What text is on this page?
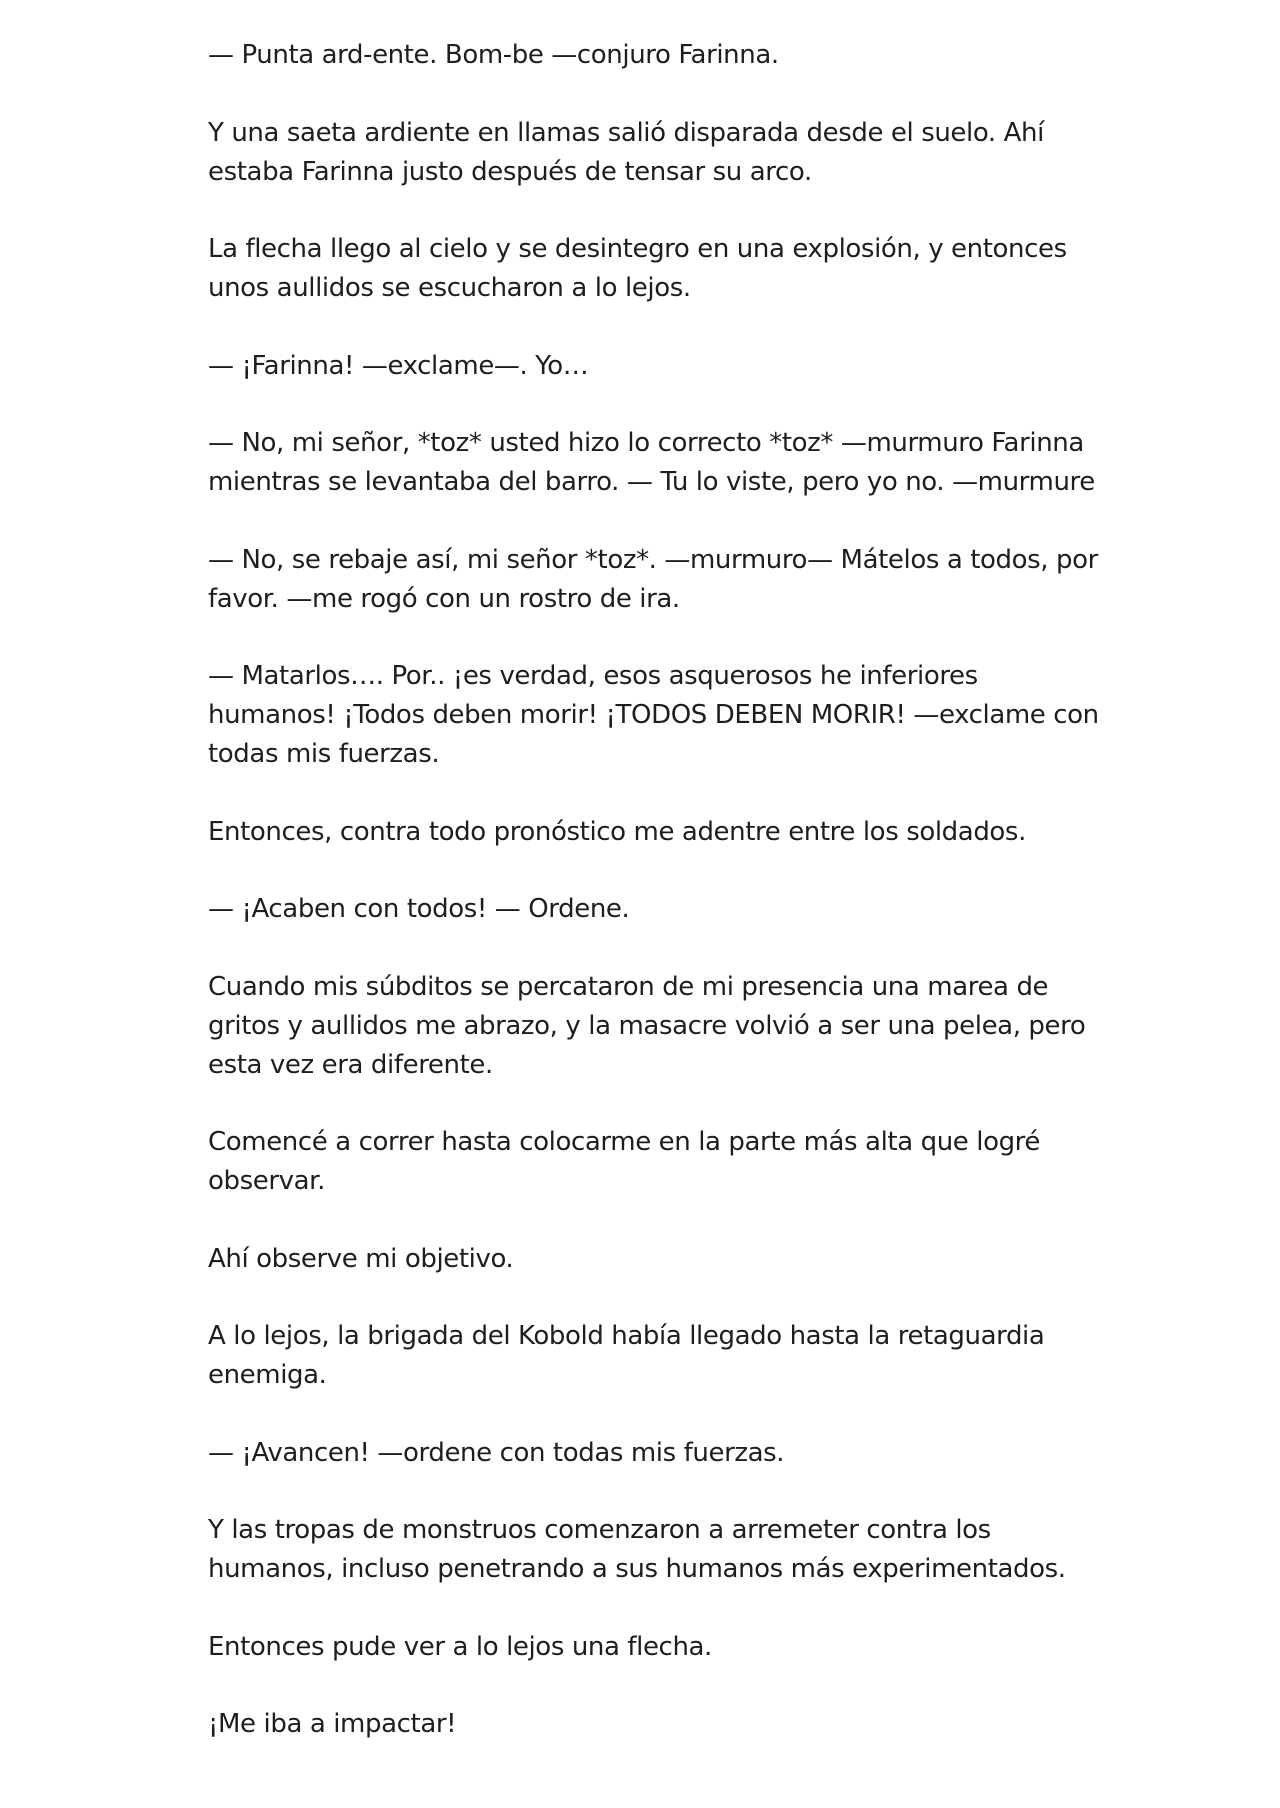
— Punta ard-ente. Bom-be —conjuro Farinna.

Y una saeta ardiente en llamas salió disparada desde el suelo. Ahí estaba Farinna justo después de tensar su arco.

La flecha llego al cielo y se desintegro en una explosión, y entonces unos aullidos se escucharon a lo lejos.

— ¡Farinna! —exclame—. Yo…

— No, mi señor, *toz* usted hizo lo correcto *toz* —murmuro Farinna mientras se levantaba del barro. — Tu lo viste, pero yo no. —murmure

— No, se rebaje así, mi señor *toz*. —murmuro— Mátelos a todos, por favor. —me rogó con un rostro de ira.

— Matarlos…. Por.. ¡es verdad, esos asquerosos he inferiores humanos! ¡Todos deben morir! ¡TODOS DEBEN MORIR! —exclame con todas mis fuerzas.

Entonces, contra todo pronóstico me adentre entre los soldados.

— ¡Acaben con todos! — Ordene.

Cuando mis súbditos se percataron de mi presencia una marea de gritos y aullidos me abrazo, y la masacre volvió a ser una pelea, pero esta vez era diferente.

Comencé a correr hasta colocarme en la parte más alta que logré observar.

Ahí observe mi objetivo.

A lo lejos, la brigada del Kobold había llegado hasta la retaguardia enemiga.

— ¡Avancen! —ordene con todas mis fuerzas.

Y las tropas de monstruos comenzaron a arremeter contra los humanos, incluso penetrando a sus humanos más experimentados.

Entonces pude ver a lo lejos una flecha.

¡Me iba a impactar!
